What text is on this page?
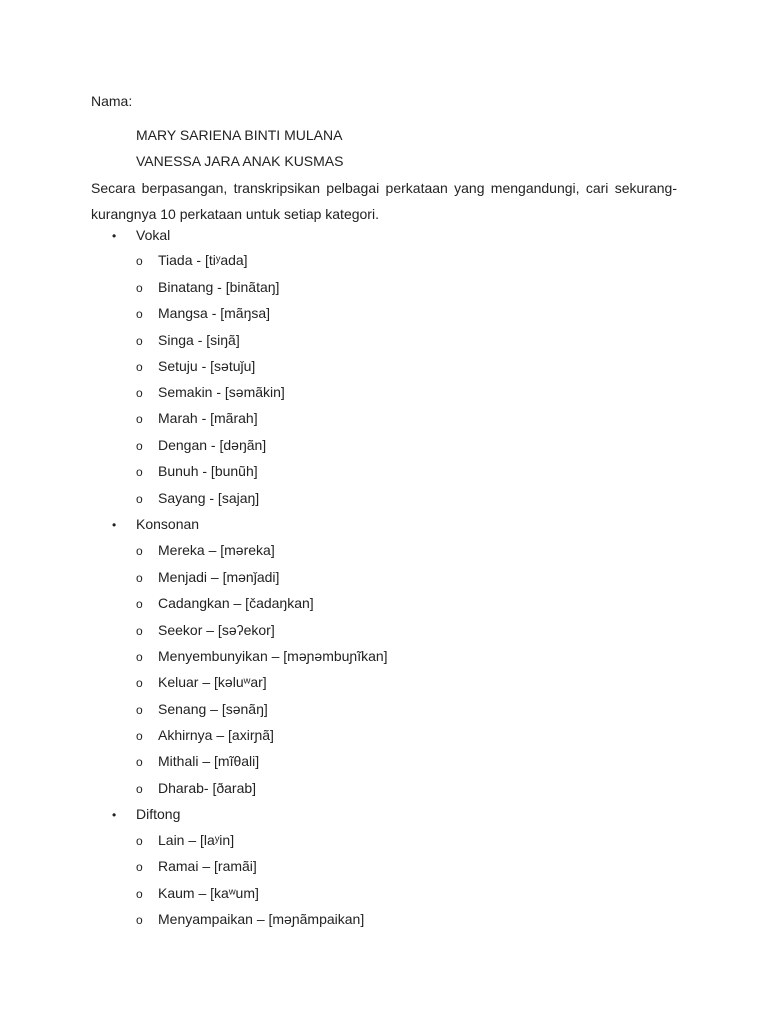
Nama:
MARY SARIENA BINTI MULANA
VANESSA JARA ANAK KUSMAS
Secara berpasangan, transkripsikan pelbagai perkataan yang mengandungi, cari sekurang-kurangnya 10 perkataan untuk setiap kategori.
• Vokal
o Tiada - [tiʸada]
o Binatang - [binãtaŋ]
o Mangsa - [mãŋsa]
o Singa - [siŋã]
o Setuju - [sətuǰu]
o Semakin - [səmãkin]
o Marah - [mãrah]
o Dengan - [dəŋãn]
o Bunuh - [bunũh]
o Sayang - [sajaŋ]
• Konsonan
o Mereka – [məreka]
o Menjadi – [mənǰadi]
o Cadangkan – [čadaŋkan]
o Seekor – [səʔekor]
o Menyembunyikan – [məɲəmbuɲĩkan]
o Keluar – [kəluʷar]
o Senang – [sənãŋ]
o Akhirnya – [axirɲã]
o Mithali – [mĩθali]
o Dharab- [ðarab]
• Diftong
o Lain – [laʸin]
o Ramai – [ramãi]
o Kaum – [kaʷum]
o Menyampaikan – [məɲãmpaikan]
